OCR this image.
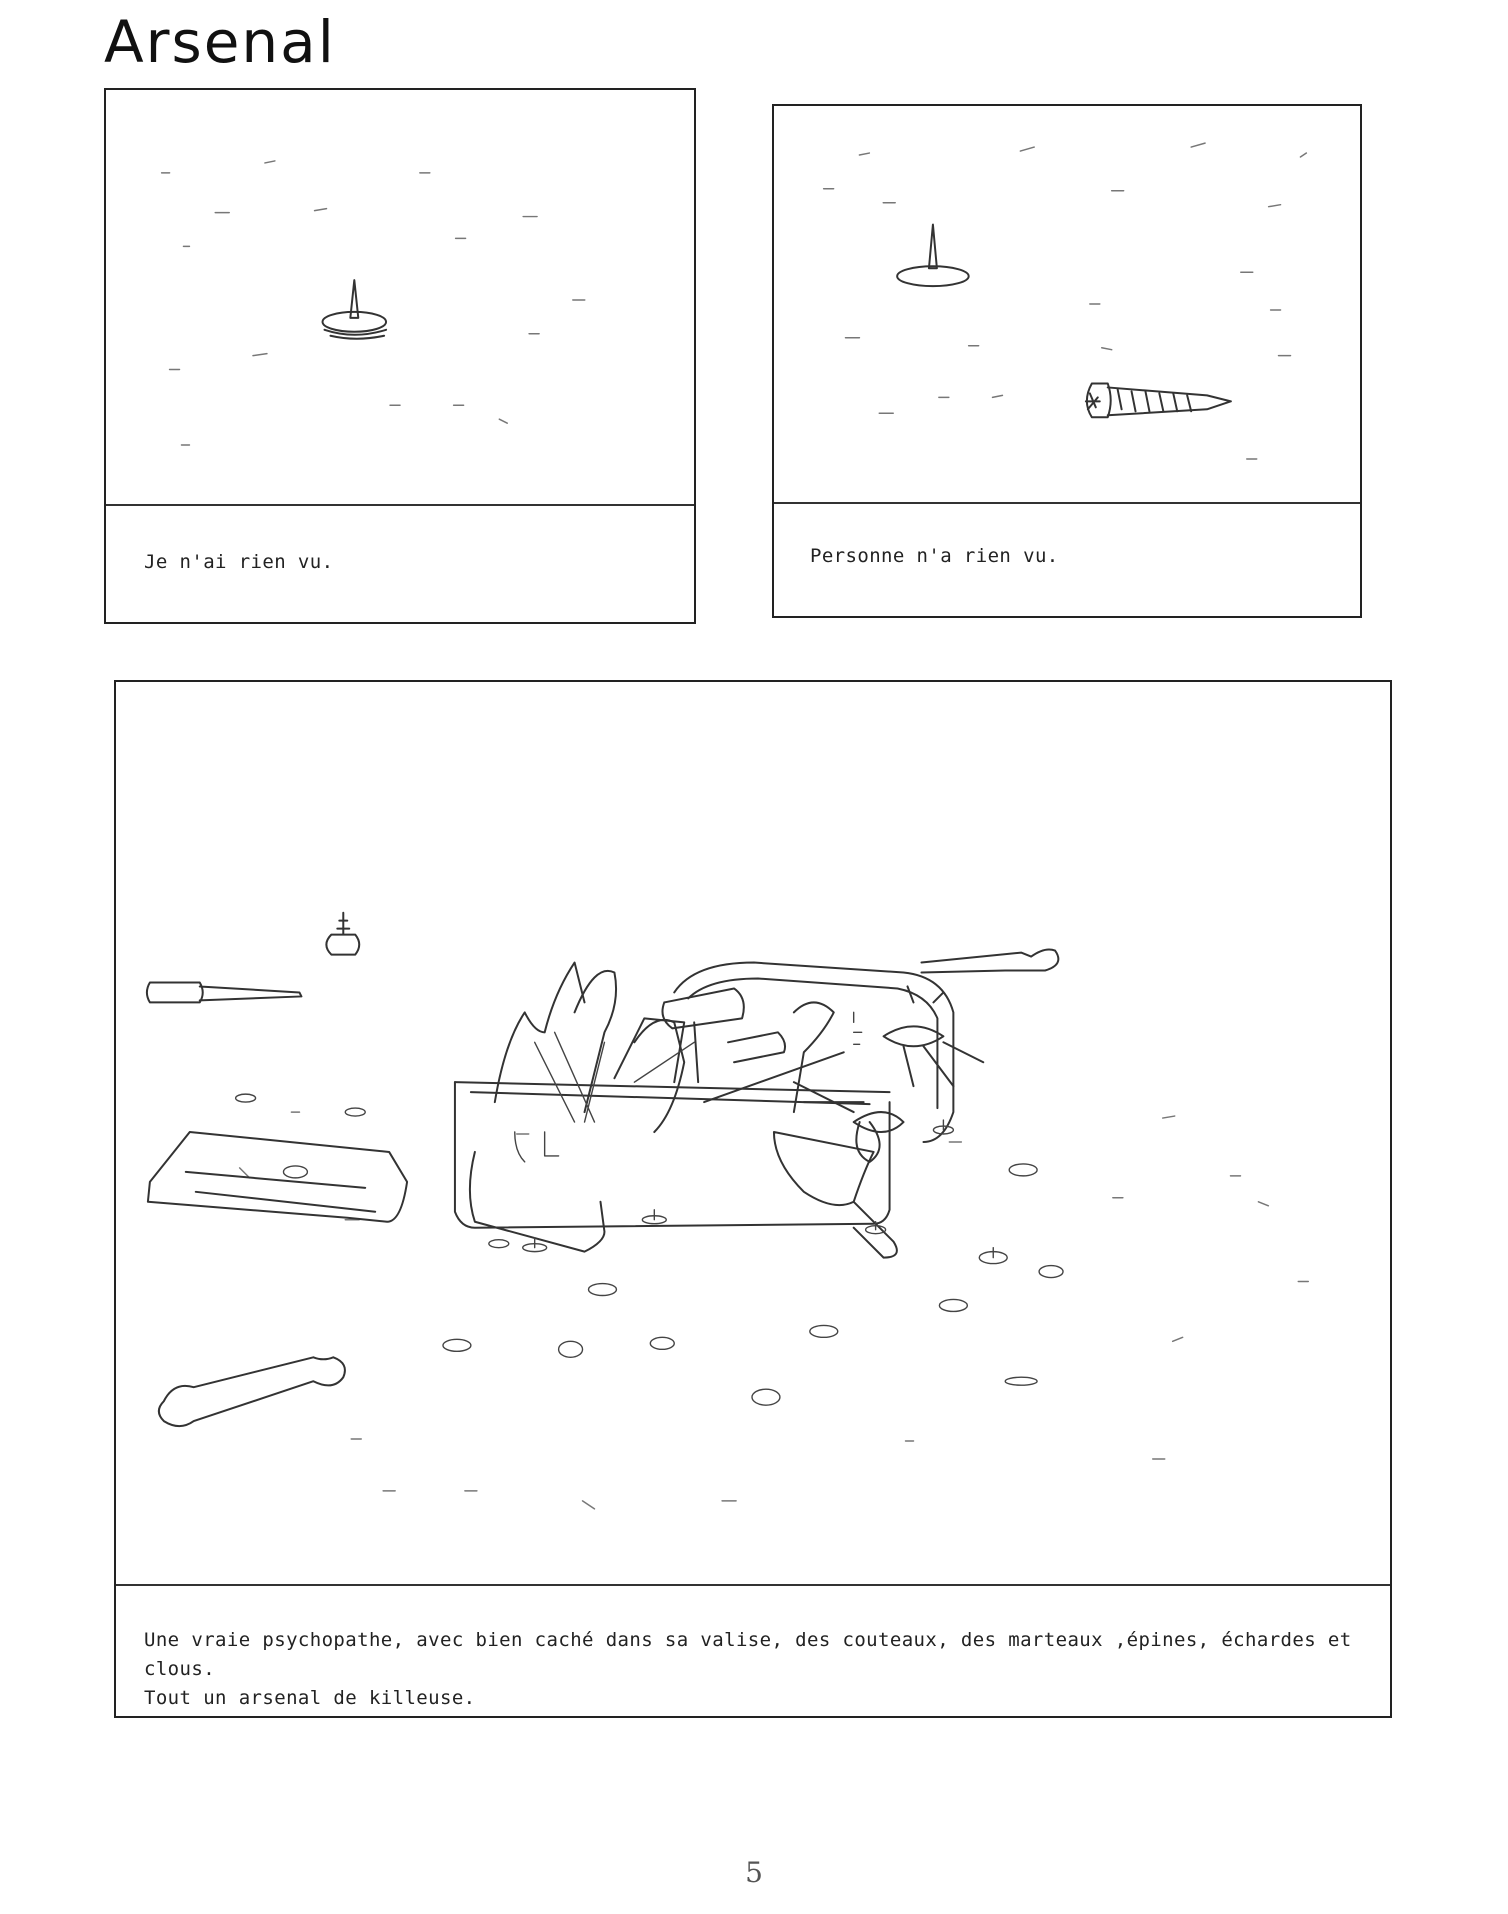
Arsenal
Je n'ai rien vu.	Personne n'a rien vu.
Une vraie psychopathe, avec bien caché dans sa valise, des couteaux, des marteaux ,épines, échardes et clous.
Tout un arsenal de killeuse.
5
